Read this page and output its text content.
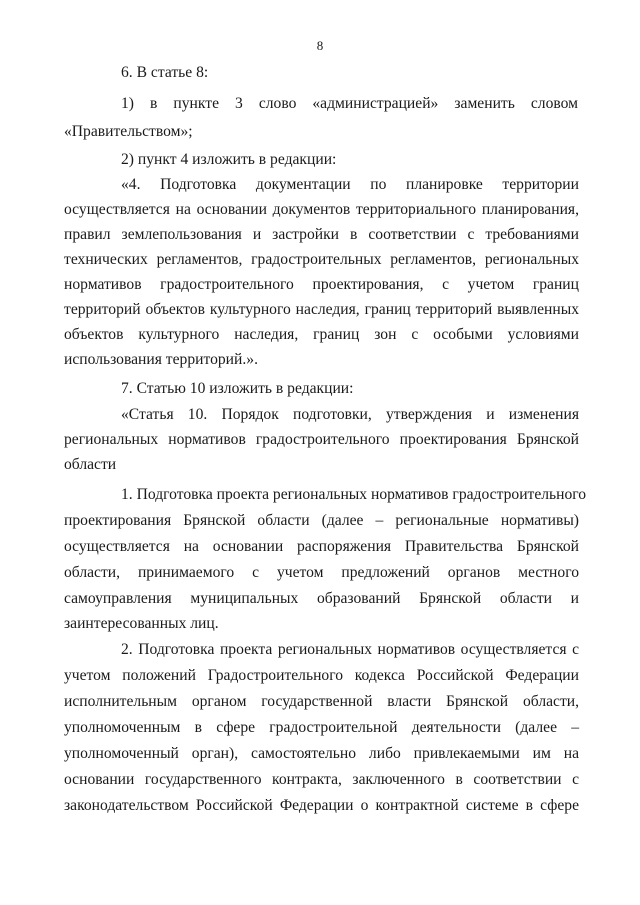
8
6. В статье 8:
1) в пункте 3 слово «администрацией» заменить словом
«Правительством»;
2) пункт 4 изложить в редакции:
«4. Подготовка документации по планировке территории
осуществляется на основании документов территориального планирования,
правил землепользования и застройки в соответствии с требованиями
технических регламентов, градостроительных регламентов, региональных
нормативов градостроительного проектирования, с учетом границ
территорий объектов культурного наследия, границ территорий выявленных
объектов культурного наследия, границ зон с особыми условиями
использования территорий.».
7. Статью 10 изложить в редакции:
«Статья 10. Порядок подготовки, утверждения и изменения
региональных нормативов градостроительного проектирования Брянской
области
1. Подготовка проекта региональных нормативов градостроительного
проектирования Брянской области (далее – региональные нормативы)
осуществляется на основании распоряжения Правительства Брянской
области, принимаемого с учетом предложений органов местного
самоуправления муниципальных образований Брянской области и
заинтересованных лиц.
2. Подготовка проекта региональных нормативов осуществляется с
учетом положений Градостроительного кодекса Российской Федерации
исполнительным органом государственной власти Брянской области,
уполномоченным в сфере градостроительной деятельности (далее –
уполномоченный орган), самостоятельно либо привлекаемыми им на
основании государственного контракта, заключенного в соответствии с
законодательством Российской Федерации о контрактной системе в сфере
